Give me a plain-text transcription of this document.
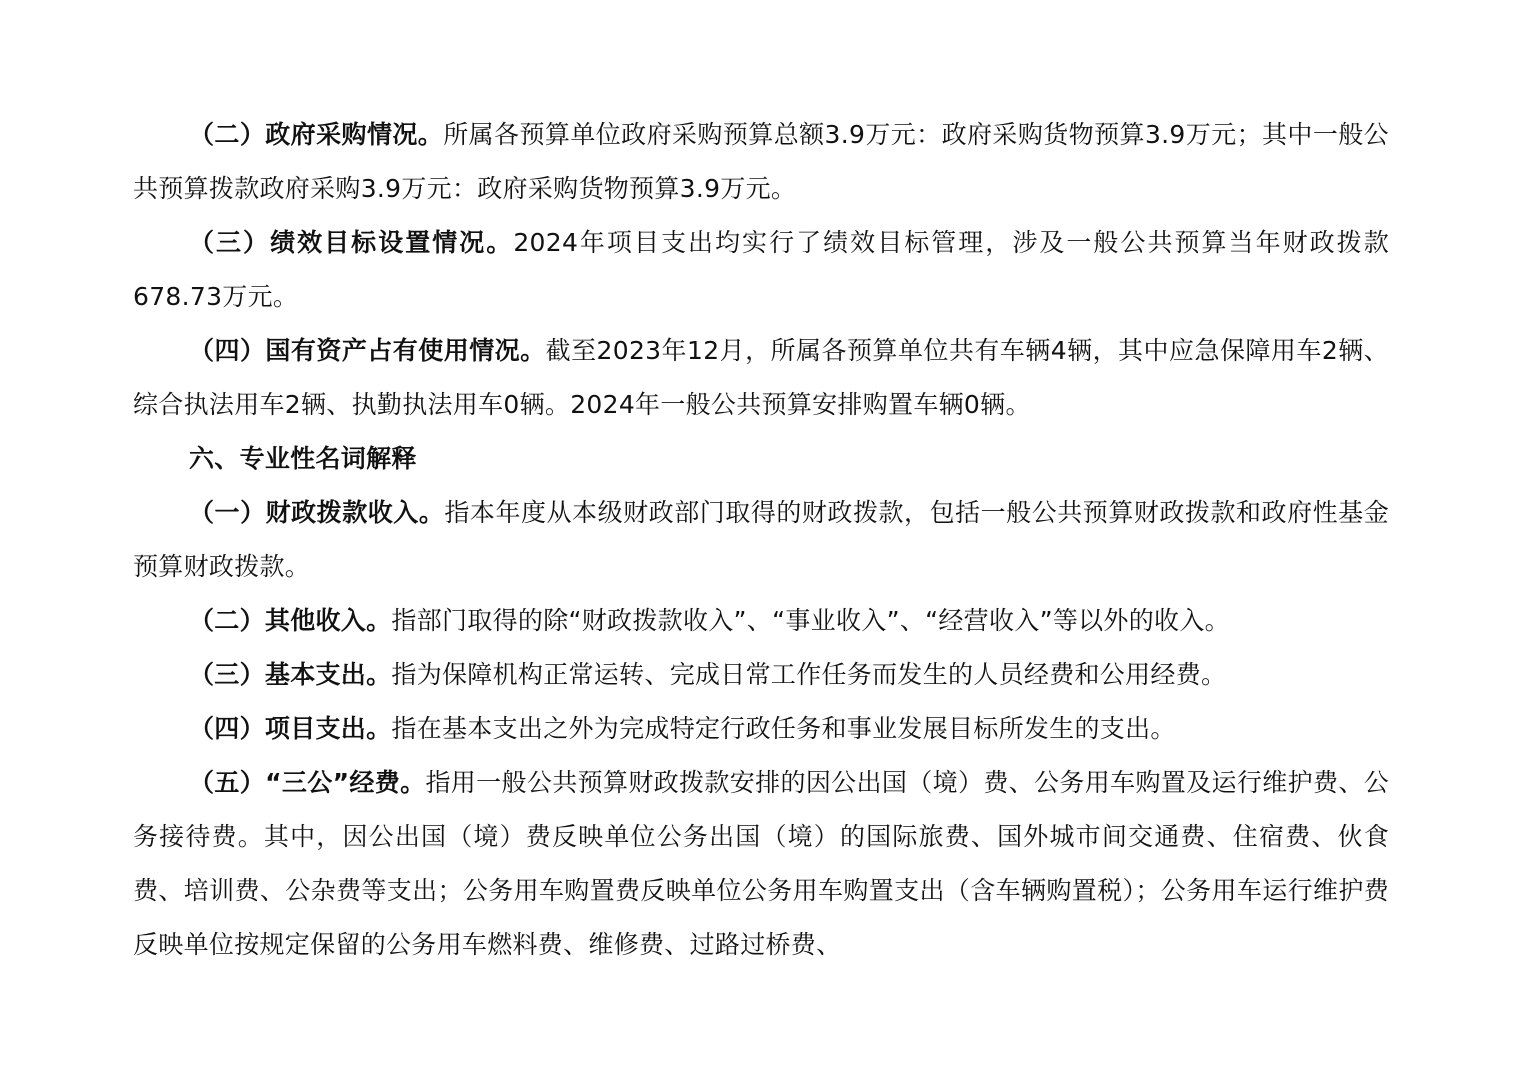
（二）政府采购情况。所属各预算单位政府采购预算总额3.9万元：政府采购货物预算3.9万元；其中一般公共预算拨款政府采购3.9万元：政府采购货物预算3.9万元。

（三）绩效目标设置情况。2024年项目支出均实行了绩效目标管理，涉及一般公共预算当年财政拨款678.73万元。

（四）国有资产占有使用情况。截至2023年12月，所属各预算单位共有车辆4辆，其中应急保障用车2辆、综合执法用车2辆、执勤执法用车0辆。2024年一般公共预算安排购置车辆0辆。

六、专业性名词解释

（一）财政拨款收入。指本年度从本级财政部门取得的财政拨款，包括一般公共预算财政拨款和政府性基金预算财政拨款。

（二）其他收入。指部门取得的除“财政拨款收入”、“事业收入”、“经营收入”等以外的收入。

（三）基本支出。指为保障机构正常运转、完成日常工作任务而发生的人员经费和公用经费。

（四）项目支出。指在基本支出之外为完成特定行政任务和事业发展目标所发生的支出。

（五）“三公”经费。指用一般公共预算财政拨款安排的因公出国（境）费、公务用车购置及运行维护费、公务接待费。其中，因公出国（境）费反映单位公务出国（境）的国际旅费、国外城市间交通费、住宿费、伙食费、培训费、公杂费等支出；公务用车购置费反映单位公务用车购置支出（含车辆购置税）；公务用车运行维护费反映单位按规定保留的公务用车燃料费、维修费、过路过桥费、
